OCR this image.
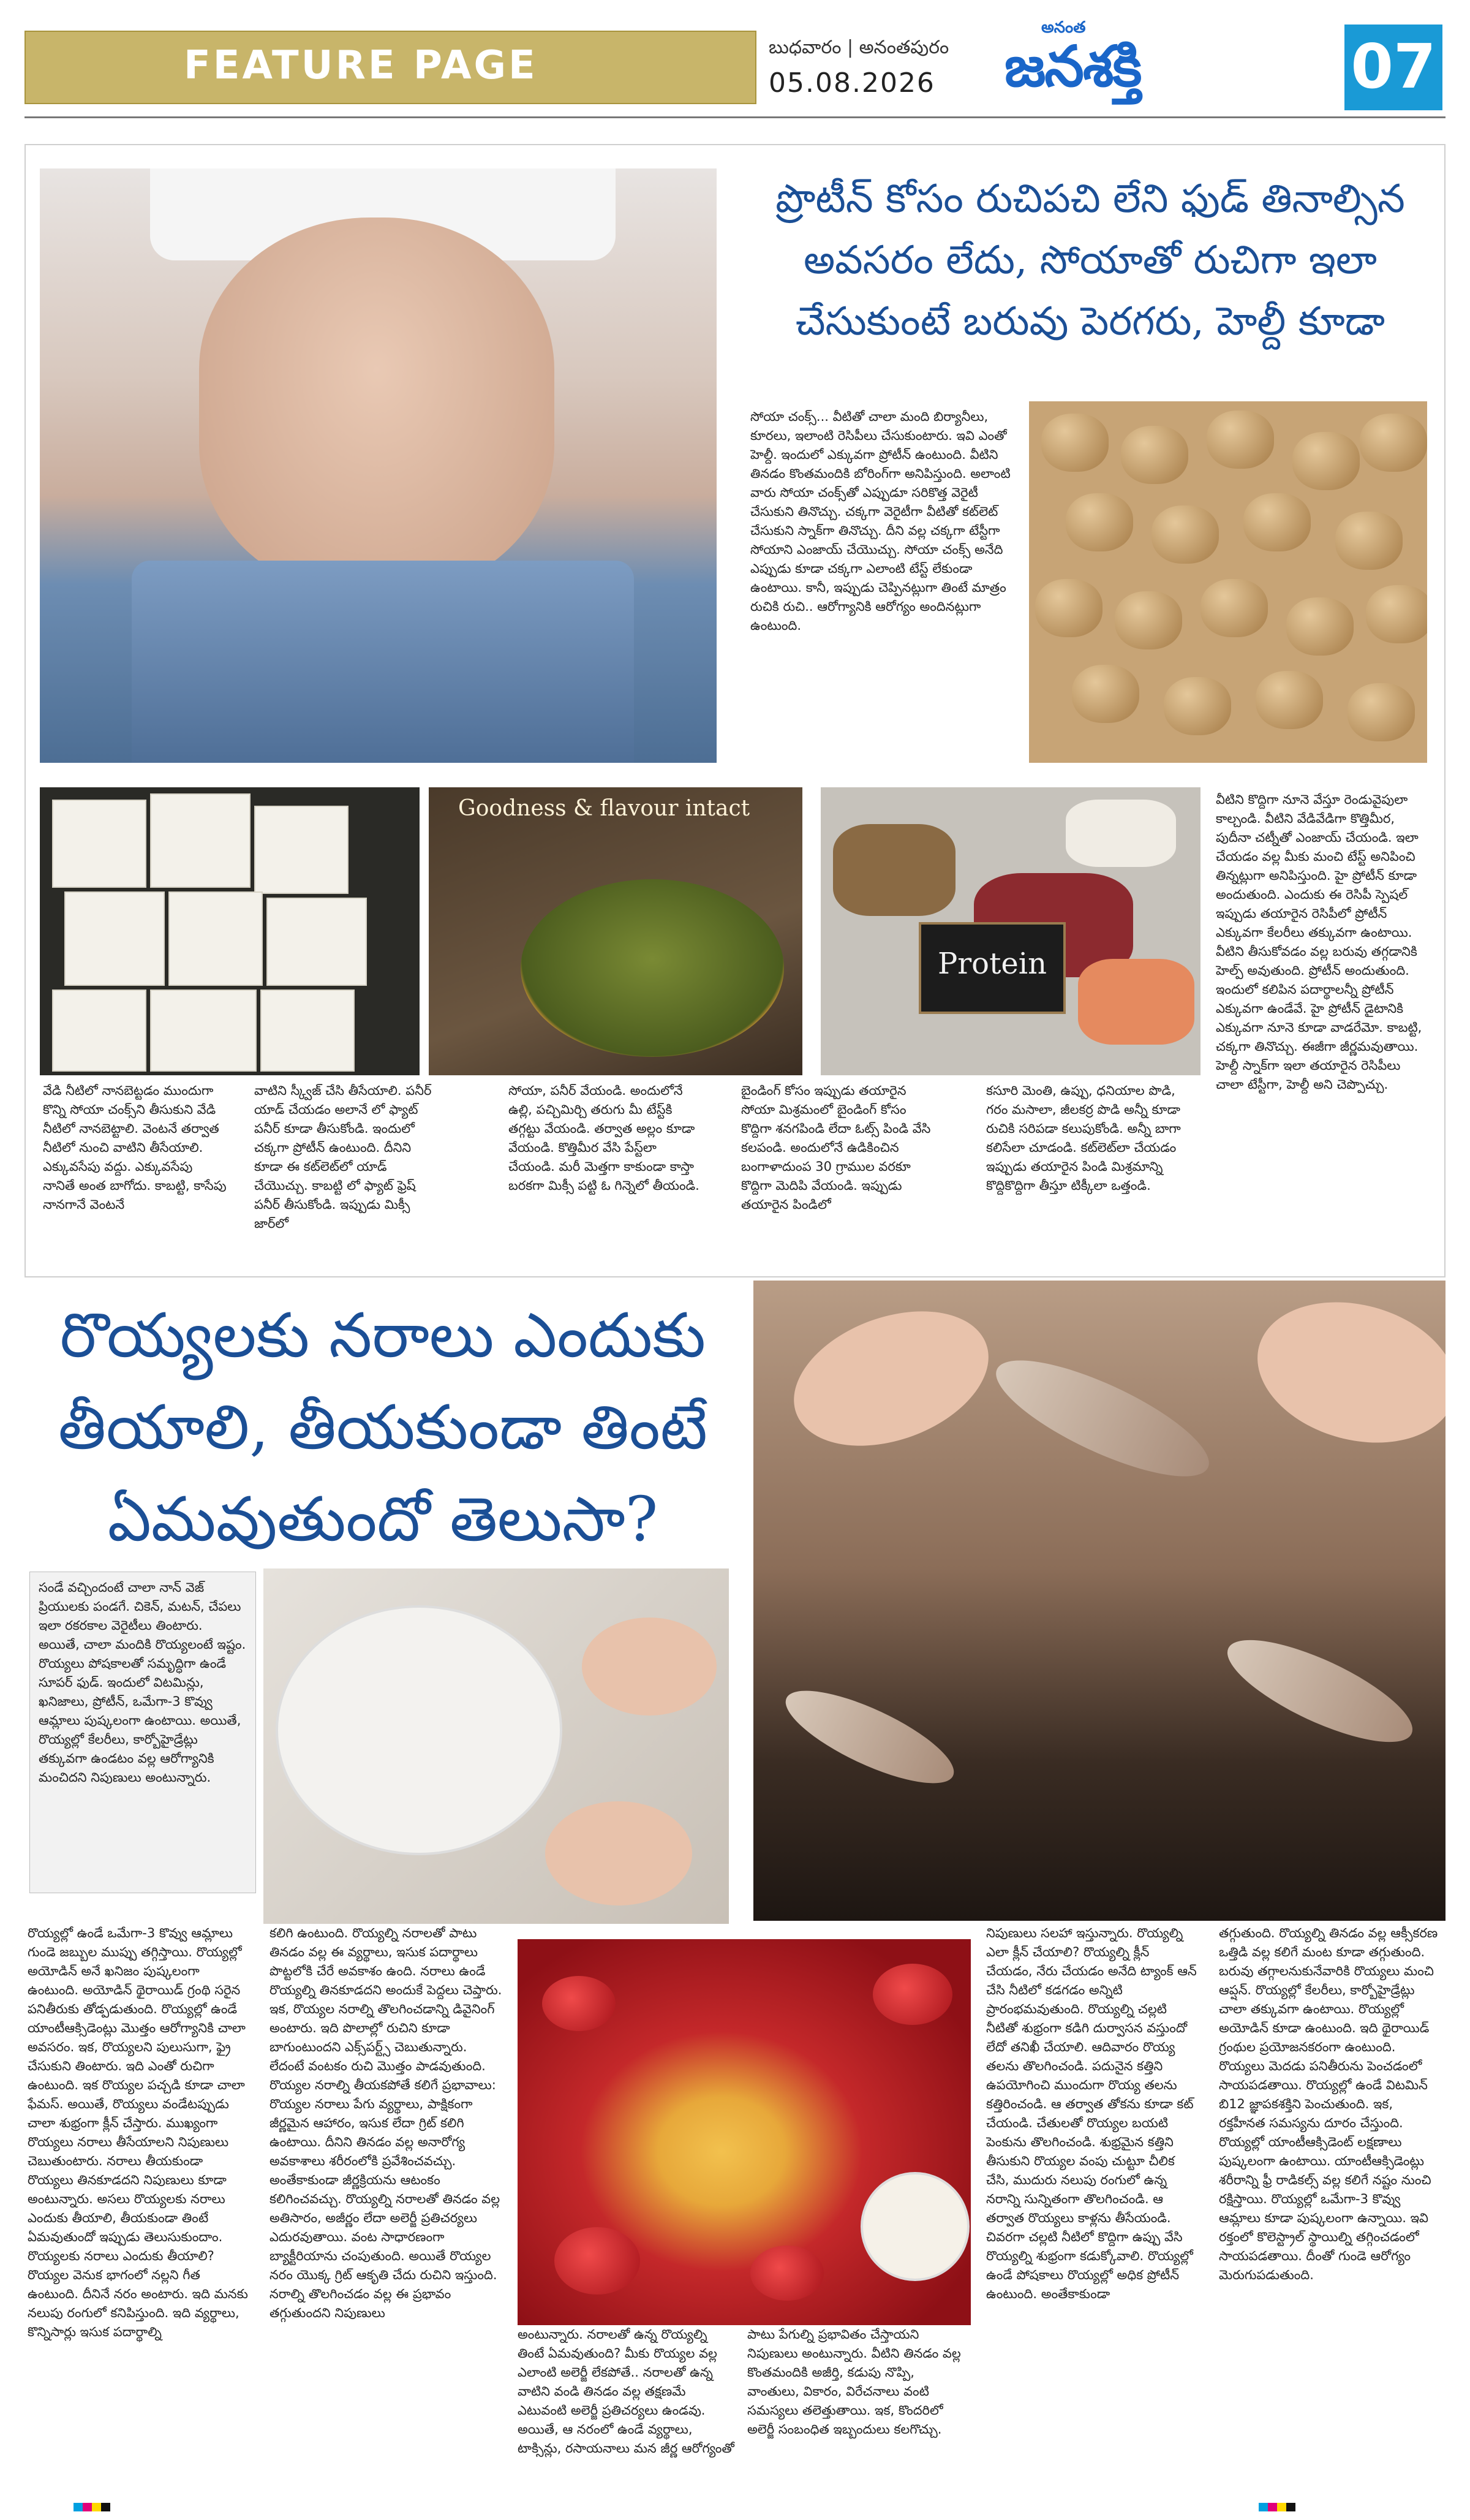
FEATURE PAGE	బుధవారం | అనంతపురం
05.08.2026
అనంత
జనశక్తి	07
ప్రొటీన్ కోసం రుచిపచి లేని ఫుడ్ తినాల్సిన అవసరం లేదు, సోయాతో రుచిగా ఇలా చేసుకుంటే బరువు పెరగరు, హెల్దీ కూడా
సోయా చంక్స్... వీటితో చాలా మంది బిర్యానీలు, కూరలు, ఇలాంటి రెసిపీలు చేసుకుంటారు. ఇవి ఎంతో హెల్దీ. ఇందులో ఎక్కువగా ప్రోటీన్ ఉంటుంది. వీటిని తినడం కొంతమందికి బోరింగ్‌గా అనిపిస్తుంది. అలాంటి వారు సోయా చంక్స్‌తో ఎప్పుడూ సరికొత్త వెరైటీ చేసుకుని తినొచ్చు. చక్కగా వెరైటీగా వీటితో కట్‌లెట్ చేసుకుని స్నాక్‌గా తినొచ్చు. దీని వల్ల చక్కగా టేస్టీగా సోయాని ఎంజాయ్ చేయొచ్చు. సోయా చంక్స్ అనేది ఎప్పుడు కూడా చక్కగా ఎలాంటి టేస్ట్ లేకుండా ఉంటాయి. కానీ, ఇప్పుడు చెప్పినట్లుగా తింటే మాత్రం రుచికి రుచి.. ఆరోగ్యానికి ఆరోగ్యం అందినట్లుగా ఉంటుంది.
Goodness & flavour intact
Protein
వేడి నీటిలో నానబెట్టడం ముందుగా కొన్ని సోయా చంక్స్‌ని తీసుకుని వేడి నీటిలో నానబెట్టాలి. వెంటనే తర్వాత నీటిలో నుంచి వాటిని తీసేయాలి. ఎక్కువసేపు వద్దు. ఎక్కువసేపు నానితే అంత బాగోదు. కాబట్టి, కాసేపు నానగానే వెంటనే
వాటిని స్క్వీజ్ చేసి తీసేయాలి. పనీర్ యాడ్ చేయడం అలానే లో ఫ్యాట్ పనీర్ కూడా తీసుకోండి. ఇందులో చక్కగా ప్రోటీన్ ఉంటుంది. దీనిని కూడా ఈ కట్‌లెట్‌లో యాడ్ చేయొచ్చు. కాబట్టి లో ఫ్యాట్ ఫ్రెష్ పనీర్ తీసుకోండి. ఇప్పుడు మిక్సీ జార్‌లో
సోయా, పనీర్ వేయండి. అందులోనే ఉల్లి, పచ్చిమిర్చి తరుగు మీ టేస్ట్‌కి తగ్గట్టు వేయండి. తర్వాత అల్లం కూడా వేయండి. కొత్తిమీర వేసి పేస్ట్‌లా చేయండి. మరీ మెత్తగా కాకుండా కాస్తా బరకగా మిక్సీ పట్టి ఓ గిన్నెలో తీయండి.
బైండింగ్ కోసం ఇప్పుడు తయారైన సోయా మిశ్రమంలో బైండింగ్ కోసం కొద్దిగా శనగపిండి లేదా ఓట్స్ పిండి వేసి కలపండి. అందులోనే ఉడికించిన బంగాళాదుంప 30 గ్రాముల వరకూ కొద్దిగా మెదిపి వేయండి. ఇప్పుడు తయారైన పిండిలో
కసూరి మెంతి, ఉప్పు, ధనియాల పొడి, గరం మసాలా, జీలకర్ర పొడి అన్నీ కూడా రుచికి సరిపడా కలుపుకోండి. అన్నీ బాగా కలిసేలా చూడండి. కట్‌లెట్‌లా చేయడం ఇప్పుడు తయారైన పిండి మిశ్రమాన్ని కొద్దికొద్దిగా తీస్తూ టిక్కీలా ఒత్తండి.
వీటిని కొద్దిగా నూనె వేస్తూ రెండువైపులా కాల్చండి. వీటిని వేడివేడిగా కొత్తిమీర, పుదీనా చట్నీతో ఎంజాయ్ చేయండి. ఇలా చేయడం వల్ల మీకు మంచి టేస్ట్ అనిపించి తిన్నట్లుగా అనిపిస్తుంది. హై ప్రోటీన్ కూడా అందుతుంది. ఎందుకు ఈ రెసిపీ స్పెషల్ ఇప్పుడు తయారైన రెసిపీలో ప్రోటీన్ ఎక్కువగా కేలరీలు తక్కువగా ఉంటాయి. వీటిని తీసుకోవడం వల్ల బరువు తగ్గడానికి హెల్ప్ అవుతుంది. ప్రోటీన్ అందుతుంది. ఇందులో కలిపిన పదార్థాలన్నీ ప్రోటీన్ ఎక్కువగా ఉండేవే. హై ప్రోటీన్ డైటానికి ఎక్కువగా నూనె కూడా వాడరేమో. కాబట్టి, చక్కగా తినొచ్చు. ఈజీగా జీర్ణమవుతాయి. హెల్దీ స్నాక్‌గా ఇలా తయారైన రెసిపీలు చాలా టేస్టీగా, హెల్దీ అని చెప్పొచ్చు.
రొయ్యలకు నరాలు ఎందుకు తీయాలి, తీయకుండా తింటే ఏమవుతుందో తెలుసా?
సండే వచ్చిందంటే చాలా నాన్ వెజ్ ప్రియులకు పండగే. చికెన్, మటన్, చేపలు ఇలా రకరకాల వెరైటీలు తింటారు. అయితే, చాలా మందికి రొయ్యలంటే ఇష్టం. రొయ్యలు పోషకాలతో సమృద్ధిగా ఉండే సూపర్ ఫుడ్. ఇందులో విటమిన్లు, ఖనిజాలు, ప్రోటీన్, ఒమేగా-3 కొవ్వు ఆమ్లాలు పుష్కలంగా ఉంటాయి. అయితే, రొయ్యల్లో కేలరీలు, కార్బోహైడ్రేట్లు తక్కువగా ఉండటం వల్ల ఆరోగ్యానికి మంచిదని నిపుణులు అంటున్నారు.
రొయ్యల్లో ఉండే ఒమేగా-3 కొవ్వు ఆమ్లాలు గుండె జబ్బుల ముప్పు తగ్గిస్తాయి. రొయ్యల్లో అయోడిన్ అనే ఖనిజం పుష్కలంగా ఉంటుంది. అయోడిన్ థైరాయిడ్ గ్రంథి సరైన పనితీరుకు తోడ్పడుతుంది. రొయ్యల్లో ఉండే యాంటీఆక్సిడెంట్లు మొత్తం ఆరోగ్యానికి చాలా అవసరం. ఇక, రొయ్యలని పులుసుగా, ఫ్రై చేసుకుని తింటారు. ఇది ఎంతో రుచిగా ఉంటుంది. ఇక రొయ్యల పచ్చడి కూడా చాలా ఫేమస్. అయితే, రొయ్యలు వండేటప్పుడు చాలా శుభ్రంగా క్లీన్ చేస్తారు. ముఖ్యంగా రొయ్యలు నరాలు తీసేయాలని నిపుణులు చెబుతుంటారు. నరాలు తీయకుండా రొయ్యలు తినకూడదని నిపుణులు కూడా అంటున్నారు. అసలు రొయ్యలకు నరాలు ఎందుకు తీయాలి, తీయకుండా తింటే ఏమవుతుందో ఇప్పుడు తెలుసుకుందాం. రొయ్యలకు నరాలు ఎందుకు తీయాలి? రొయ్యల వెనుక భాగంలో నల్లని గీత ఉంటుంది. దీనినే నరం అంటారు. ఇది మనకు నలుపు రంగులో కనిపిస్తుంది. ఇది వ్యర్థాలు, కొన్నిసార్లు ఇసుక పదార్థాల్ని
కలిగి ఉంటుంది. రొయ్యల్ని నరాలతో పాటు తినడం వల్ల ఈ వ్యర్థాలు, ఇసుక పదార్థాలు పొట్టలోకి చేరే అవకాశం ఉంది. నరాలు ఉండే రొయ్యల్ని తినకూడదని అందుకే పెద్దలు చెప్తారు. ఇక, రొయ్యల నరాల్ని తొలగించడాన్ని డివైనింగ్ అంటారు. ఇది పొలాల్లో రుచిని కూడా బాగుంటుందని ఎక్స్‌పర్ట్స్ చెబుతున్నారు. లేదంటే వంటకం రుచి మొత్తం పాడవుతుంది. రొయ్యల నరాల్ని తీయకపోతే కలిగే ప్రభావాలు: రొయ్యల నరాలు పేగు వ్యర్థాలు, పాక్షికంగా జీర్ణమైన ఆహారం, ఇసుక లేదా గ్రిట్ కలిగి ఉంటాయి. దీనిని తినడం వల్ల అనారోగ్య అవకాశాలు శరీరంలోకి ప్రవేశించవచ్చు. అంతేకాకుండా జీర్ణక్రియను ఆటంకం కలిగించవచ్చు. రొయ్యల్ని నరాలతో తినడం వల్ల అతిసారం, అజీర్ణం లేదా అలెర్జీ ప్రతిచర్యలు ఎదురవుతాయి. వంట సాధారణంగా బ్యాక్టీరియాను చంపుతుంది. అయితే రొయ్యల నరం యొక్క గ్రిట్ ఆకృతి చేదు రుచిని ఇస్తుంది. నరాల్ని తొలగించడం వల్ల ఈ ప్రభావం తగ్గుతుందని నిపుణులు
అంటున్నారు. నరాలతో ఉన్న రొయ్యల్ని తింటే ఏమవుతుంది? మీకు రొయ్యల వల్ల ఎలాంటి అలెర్జీ లేకపోతే.. నరాలతో ఉన్న వాటిని వండి తినడం వల్ల తక్షణమే ఎటువంటి అలెర్జీ ప్రతిచర్యలు ఉండవు. అయితే, ఆ నరంలో ఉండే వ్యర్థాలు, టాక్సిన్లు, రసాయనాలు మన జీర్ణ ఆరోగ్యంతో
పాటు పేగుల్ని ప్రభావితం చేస్తాయని నిపుణులు అంటున్నారు. వీటిని తినడం వల్ల కొంతమందికి అజీర్తి, కడుపు నొప్పి, వాంతులు, వికారం, విరేచనాలు వంటి సమస్యలు తలెత్తుతాయి. ఇక, కొందరిలో అలెర్జీ సంబంధిత ఇబ్బందులు కలగొచ్చు.
నిపుణులు సలహా ఇస్తున్నారు. రొయ్యల్ని ఎలా క్లీన్ చేయాలి? రొయ్యల్ని క్లీన్ చేయడం, నేరు చేయడం అనేది ట్యాంక్ ఆన్ చేసి నీటిలో కడగడం అన్నిటి ప్రారంభమవుతుంది. రొయ్యల్ని చల్లటి నీటితో శుభ్రంగా కడిగి దుర్వాసన వస్తుందో లేదో తనిఖీ చేయాలి. ఆదివారం రొయ్య తలను తొలగించండి. పదునైన కత్తిని ఉపయోగించి ముందుగా రొయ్య తలను కత్తిరించండి. ఆ తర్వాత తోకను కూడా కట్ చేయండి. చేతులతో రొయ్యల బయటి పెంకును తొలగించండి. శుభ్రమైన కత్తిని తీసుకుని రొయ్యల వంపు చుట్టూ చీలిక చేసి, ముదురు నలుపు రంగులో ఉన్న నరాన్ని సున్నితంగా తొలగించండి. ఆ తర్వాత రొయ్యలు కాళ్లను తీసేయండి. చివరగా చల్లటి నీటిలో కొద్దిగా ఉప్పు వేసి రొయ్యల్ని శుభ్రంగా కడుక్కోవాలి. రొయ్యల్లో ఉండే పోషకాలు రొయ్యల్లో అధిక ప్రోటీన్ ఉంటుంది. అంతేకాకుండా
తగ్గుతుంది. రొయ్యల్ని తినడం వల్ల ఆక్సీకరణ ఒత్తిడి వల్ల కలిగే మంట కూడా తగ్గుతుంది. బరువు తగ్గాలనుకునేవారికి రొయ్యలు మంచి ఆప్షన్. రొయ్యల్లో కేలరీలు, కార్బోహైడ్రేట్లు చాలా తక్కువగా ఉంటాయి. రొయ్యల్లో అయోడిన్ కూడా ఉంటుంది. ఇది థైరాయిడ్ గ్రంథుల ప్రయోజనకరంగా ఉంటుంది. రొయ్యలు మెదడు పనితీరును పెంచడంలో సాయపడతాయి. రొయ్యల్లో ఉండే విటమిన్ బి12 జ్ఞాపకశక్తిని పెంచుతుంది. ఇక, రక్తహీనత సమస్యను దూరం చేస్తుంది. రొయ్యల్లో యాంటీఆక్సిడెంట్ లక్షణాలు పుష్కలంగా ఉంటాయి. యాంటీఆక్సిడెంట్లు శరీరాన్ని ఫ్రీ రాడికల్స్ వల్ల కలిగే నష్టం నుంచి రక్షిస్తాయి. రొయ్యల్లో ఒమేగా-3 కొవ్వు ఆమ్లాలు కూడా పుష్కలంగా ఉన్నాయి. ఇవి రక్తంలో కొలెస్ట్రాల్ స్థాయిల్ని తగ్గించడంలో సాయపడతాయి. దీంతో గుండె ఆరోగ్యం మెరుగుపడుతుంది.
